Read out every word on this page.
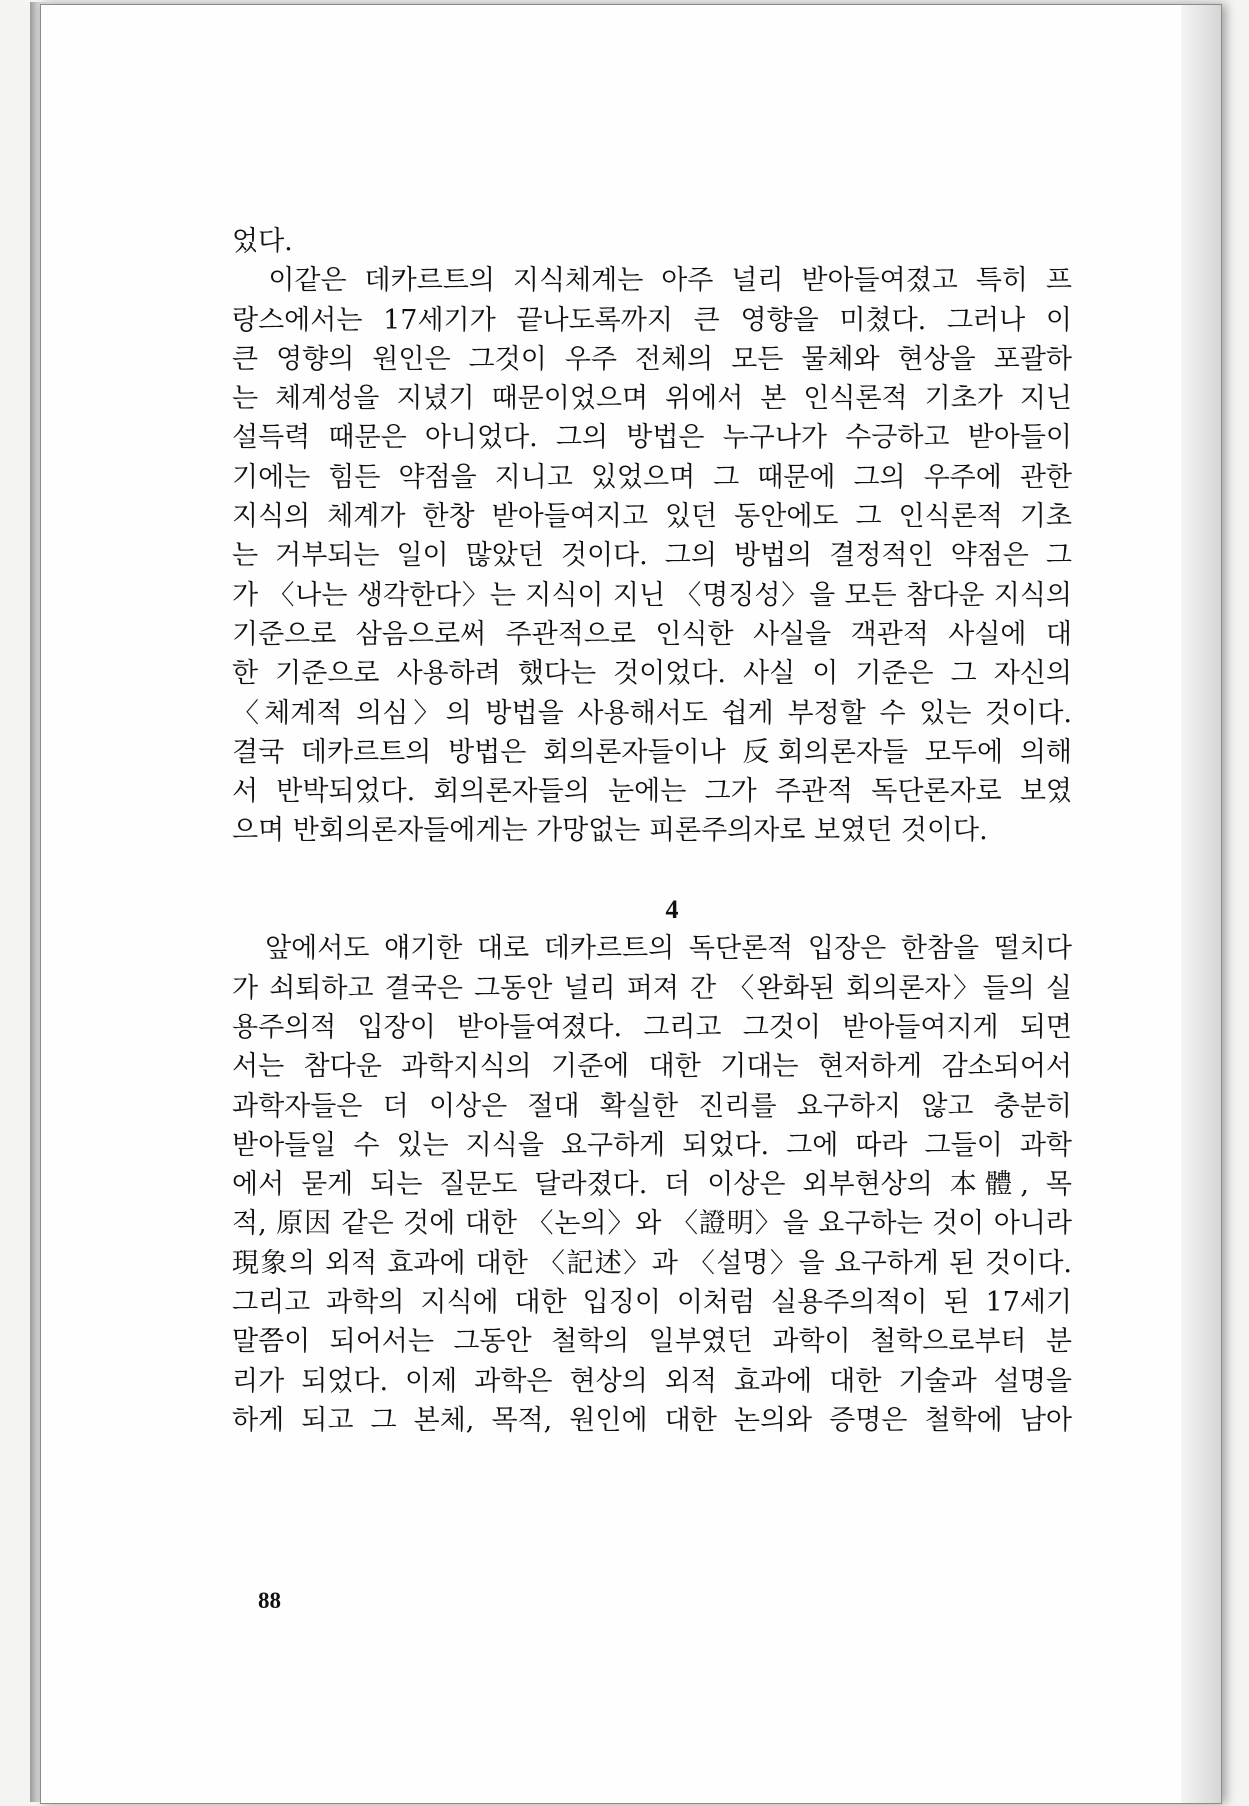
었다.
　이같은 데카르트의 지식체계는 아주 널리 받아들여졌고 특히 프
랑스에서는 17세기가 끝나도록까지 큰 영향을 미쳤다. 그러나 이
큰 영향의 원인은 그것이 우주 전체의 모든 물체와 현상을 포괄하
는 체계성을 지녔기 때문이었으며 위에서 본 인식론적 기초가 지닌
설득력 때문은 아니었다. 그의 방법은 누구나가 수긍하고 받아들이
기에는 힘든 약점을 지니고 있었으며 그 때문에 그의 우주에 관한
지식의 체계가 한창 받아들여지고 있던 동안에도 그 인식론적 기초
는 거부되는 일이 많았던 것이다. 그의 방법의 결정적인 약점은 그
가 〈나는 생각한다〉는 지식이 지닌 〈명징성〉을 모든 참다운 지식의
기준으로 삼음으로써 주관적으로 인식한 사실을 객관적 사실에 대
한 기준으로 사용하려 했다는 것이었다. 사실 이 기준은 그 자신의
〈체계적 의심〉의 방법을 사용해서도 쉽게 부정할 수 있는 것이다.
결국 데카르트의 방법은 회의론자들이나 反회의론자들 모두에 의해
서 반박되었다. 회의론자들의 눈에는 그가 주관적 독단론자로 보였
으며 반회의론자들에게는 가망없는 피론주의자로 보였던 것이다.
4
　앞에서도 얘기한 대로 데카르트의 독단론적 입장은 한참을 떨치다
가 쇠퇴하고 결국은 그동안 널리 퍼져 간 〈완화된 회의론자〉들의 실
용주의적 입장이 받아들여졌다. 그리고 그것이 받아들여지게 되면
서는 참다운 과학지식의 기준에 대한 기대는 현저하게 감소되어서
과학자들은 더 이상은 절대 확실한 진리를 요구하지 않고 충분히
받아들일 수 있는 지식을 요구하게 되었다. 그에 따라 그들이 과학
에서 묻게 되는 질문도 달라졌다. 더 이상은 외부현상의 本體, 목
적, 原因 같은 것에 대한 〈논의〉와 〈證明〉을 요구하는 것이 아니라
現象의 외적 효과에 대한 〈記述〉과 〈설명〉을 요구하게 된 것이다.
그리고 과학의 지식에 대한 입징이 이처럼 실용주의적이 된 17세기
말쯤이 되어서는 그동안 철학의 일부였던 과학이 철학으로부터 분
리가 되었다. 이제 과학은 현상의 외적 효과에 대한 기술과 설명을
하게 되고 그 본체, 목적, 원인에 대한 논의와 증명은 철학에 남아
88
